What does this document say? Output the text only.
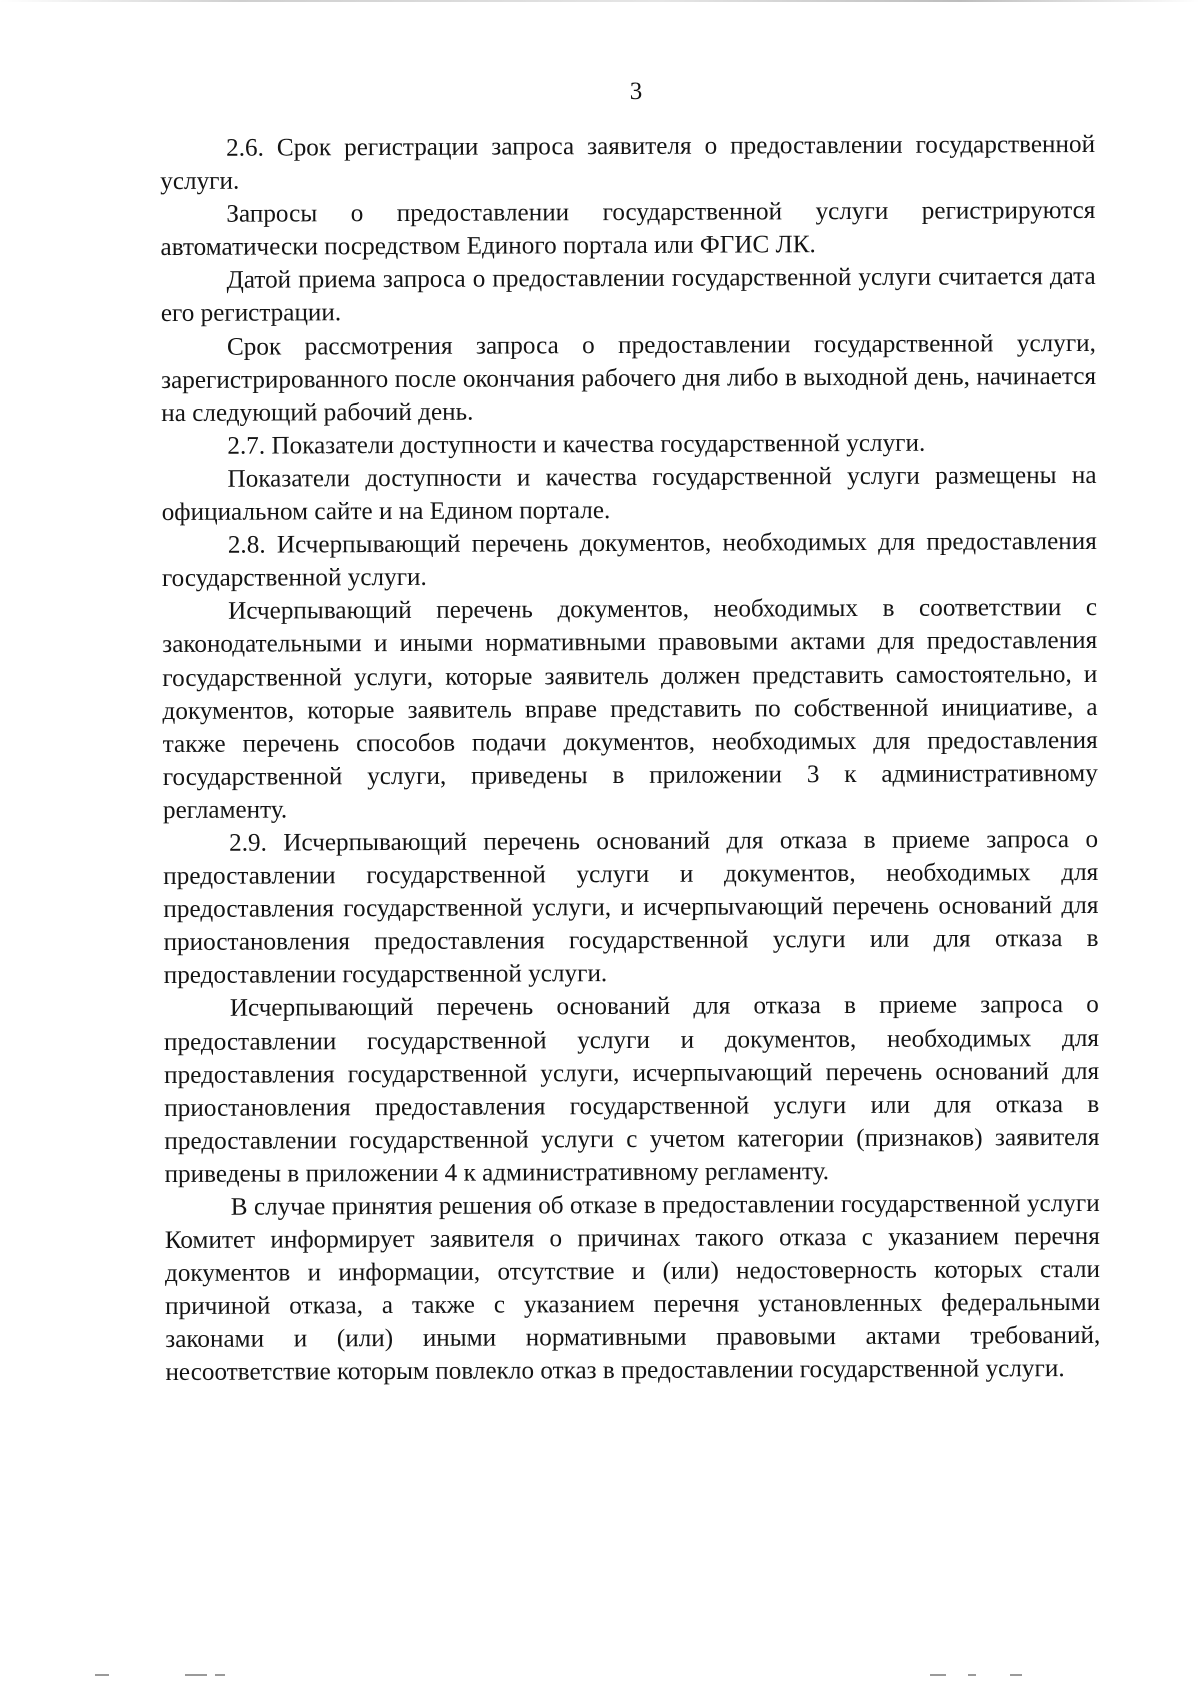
3

2.6. Срок регистрации запроса заявителя о предоставлении государственной услуги.

Запросы о предоставлении государственной услуги регистрируются автоматически посредством Единого портала или ФГИС ЛК.

Датой приема запроса о предоставлении государственной услуги считается дата его регистрации.

Срок рассмотрения запроса о предоставлении государственной услуги, зарегистрированного после окончания рабочего дня либо в выходной день, начинается на следующий рабочий день.

2.7. Показатели доступности и качества государственной услуги.

Показатели доступности и качества государственной услуги размещены на официальном сайте и на Едином портале.

2.8. Исчерпывающий перечень документов, необходимых для предоставления государственной услуги.

Исчерпывающий перечень документов, необходимых в соответствии с законодательными и иными нормативными правовыми актами для предоставления государственной услуги, которые заявитель должен представить самостоятельно, и документов, которые заявитель вправе представить по собственной инициативе, а также перечень способов подачи документов, необходимых для предоставления государственной услуги, приведены в приложении 3 к административному регламенту.

2.9. Исчерпывающий перечень оснований для отказа в приеме запроса о предоставлении государственной услуги и документов, необходимых для предоставления государственной услуги, и исчерпыvающий перечень оснований для приостановления предоставления государственной услуги или для отказа в предоставлении государственной услуги.

Исчерпывающий перечень оснований для отказа в приеме запроса о предоставлении государственной услуги и документов, необходимых для предоставления государственной услуги, исчерпыvающий перечень оснований для приостановления предоставления государственной услуги или для отказа в предоставлении государственной услуги с учетом категории (признаков) заявителя приведены в приложении 4 к административному регламенту.

В случае принятия решения об отказе в предоставлении государственной услуги Комитет информирует заявителя о причинах такого отказа с указанием перечня документов и информации, отсутствие и (или) недостоверность которых стали причиной отказа, а также с указанием перечня установленных федеральными законами и (или) иными нормативными правовыми актами требований, несоответствие которым повлекло отказ в предоставлении государственной услуги.
